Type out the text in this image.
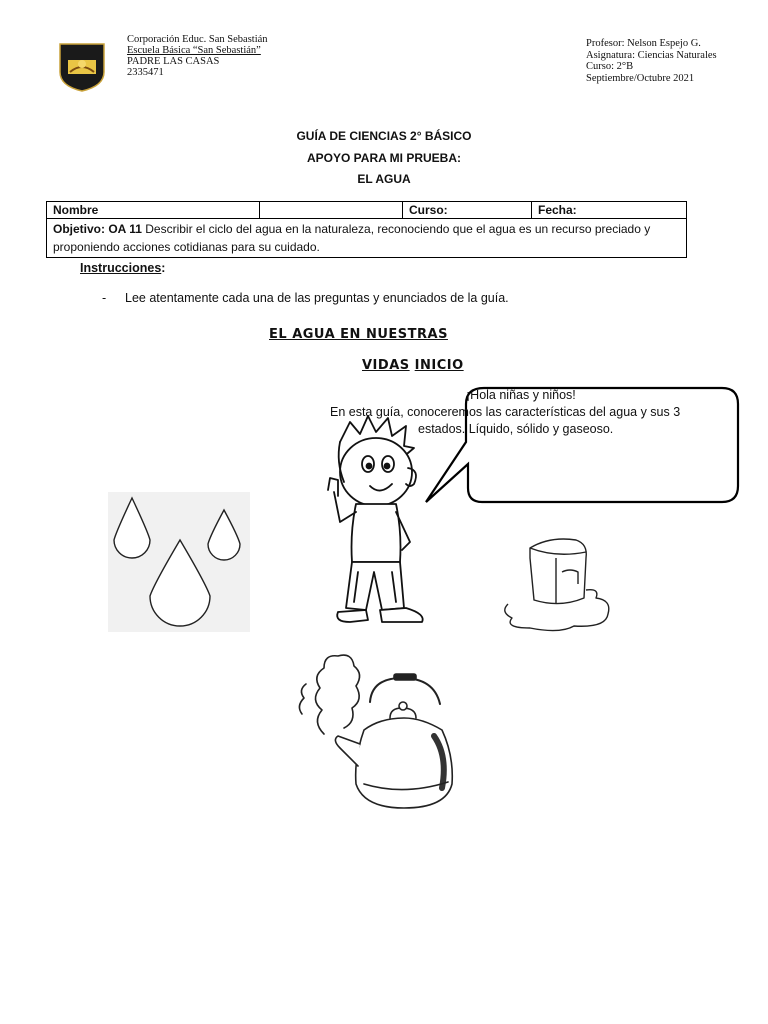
Corporación Educ. San Sebastián
Escuela Básica “San Sebastián”
PADRE LAS CASAS
2335471
Profesor: Nelson Espejo G.
Asignatura: Ciencias Naturales
Curso: 2°B
Septiembre/Octubre 2021
GUÍA DE CIENCIAS 2° BÁSICO
APOYO PARA MI PRUEBA:
EL AGUA
Nombre		Curso:	Fecha:
Objetivo: OA 11 Describir el ciclo del agua en la naturaleza, reconociendo que el agua es un recurso preciado y proponiendo acciones cotidianas para su cuidado.
Instrucciones:
- Lee atentamente cada una de las preguntas y enunciados de la guía.
EL AGUA EN NUESTRAS
VIDAS INICIO
¡Hola niñas y niños!
En esta guía, conoceremos las características del agua y sus 3
estados. Líquido, sólido y gaseoso.
